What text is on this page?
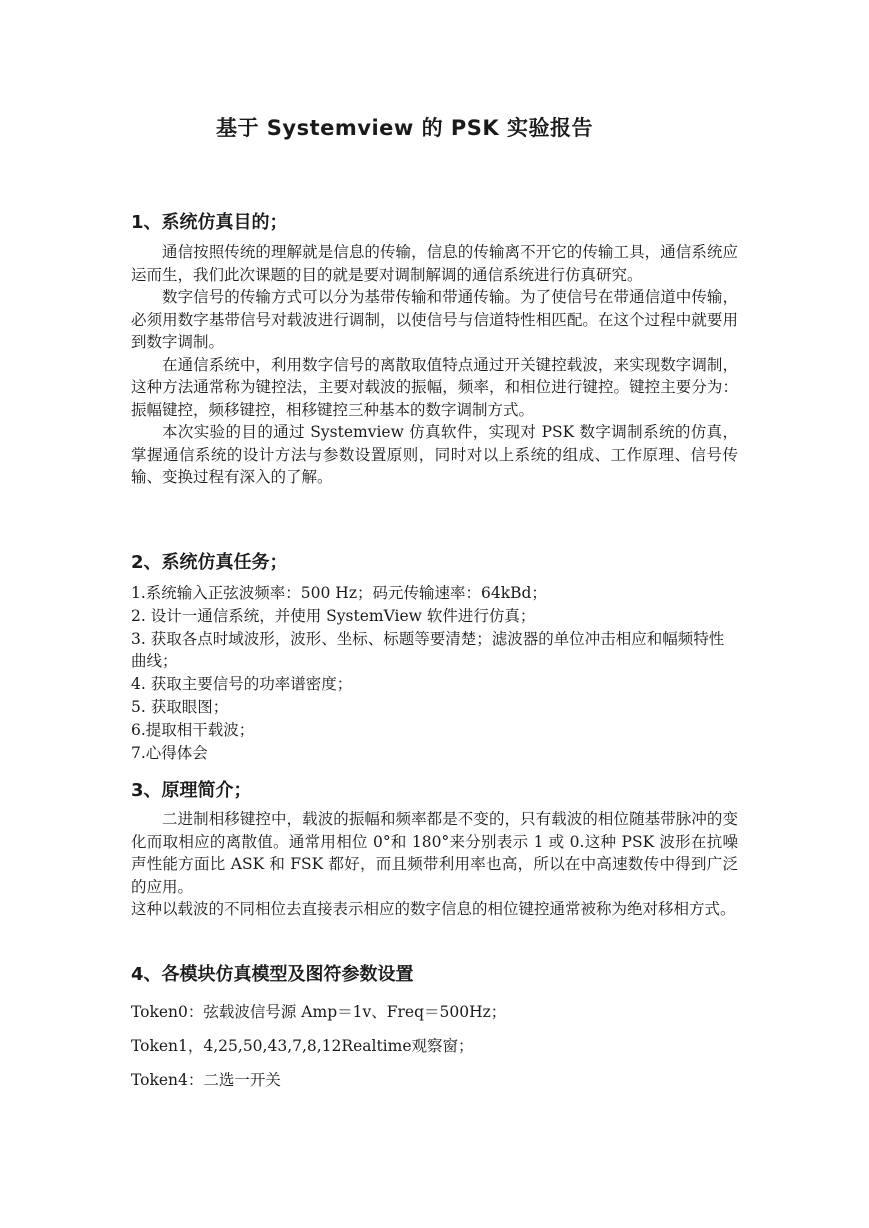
基于 Systemview 的 PSK 实验报告
1、系统仿真目的；

通信按照传统的理解就是信息的传输，信息的传输离不开它的传输工具，通信系统应运而生，我们此次课题的目的就是要对调制解调的通信系统进行仿真研究。

数字信号的传输方式可以分为基带传输和带通传输。为了使信号在带通信道中传输，必须用数字基带信号对载波进行调制，以使信号与信道特性相匹配。在这个过程中就要用到数字调制。

在通信系统中，利用数字信号的离散取值特点通过开关键控载波，来实现数字调制，这种方法通常称为键控法，主要对载波的振幅，频率，和相位进行键控。键控主要分为：振幅键控，频移键控，相移键控三种基本的数字调制方式。

本次实验的目的通过 Systemview 仿真软件，实现对 PSK 数字调制系统的仿真，掌握通信系统的设计方法与参数设置原则，同时对以上系统的组成、工作原理、信号传输、变换过程有深入的了解。

2、系统仿真任务；
1.系统输入正弦波频率：500 Hz；码元传输速率：64kBd；
2. 设计一通信系统，并使用 SystemView 软件进行仿真；
3. 获取各点时域波形，波形、坐标、标题等要清楚；滤波器的单位冲击相应和幅频特性曲线；
4. 获取主要信号的功率谱密度；
5. 获取眼图；
6.提取相干载波；
7.心得体会
3、原理简介；

二进制相移键控中，载波的振幅和频率都是不变的，只有载波的相位随基带脉冲的变化而取相应的离散值。通常用相位 0°和 180°来分别表示 1 或 0.这种 PSK 波形在抗噪声性能方面比 ASK 和 FSK 都好，而且频带利用率也高，所以在中高速数传中得到广泛的应用。

这种以载波的不同相位去直接表示相应的数字信息的相位键控通常被称为绝对移相方式。

4、各模块仿真模型及图符参数设置
Token0：弦载波信号源 Amp＝1v、Freq＝500Hz；
Token1，4,25,50,43,7,8,12Realtime观察窗；
Token4：二选一开关
